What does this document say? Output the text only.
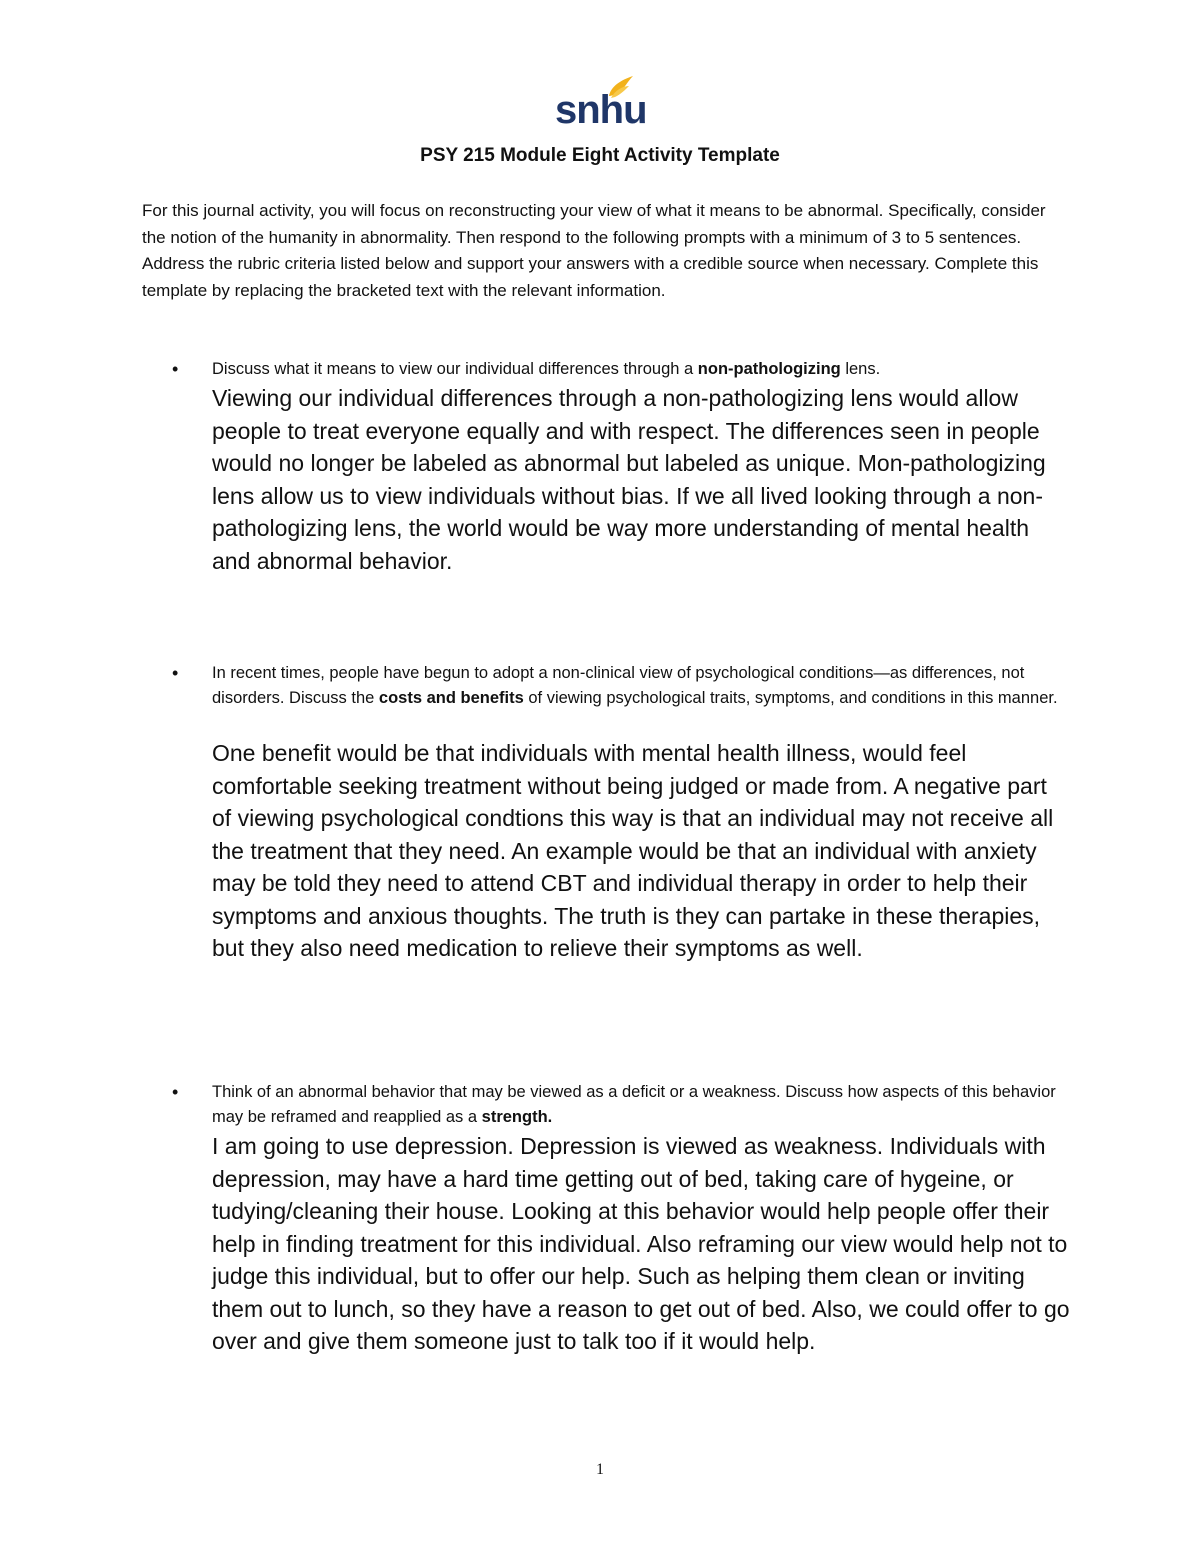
snhu
PSY 215 Module Eight Activity Template

For this journal activity, you will focus on reconstructing your view of what it means to be abnormal. Specifically, consider the notion of the humanity in abnormality. Then respond to the following prompts with a minimum of 3 to 5 sentences. Address the rubric criteria listed below and support your answers with a credible source when necessary. Complete this template by replacing the bracketed text with the relevant information.

• Discuss what it means to view our individual differences through a non-pathologizing lens.

Viewing our individual differences through a non-pathologizing lens would allow people to treat everyone equally and with respect. The differences seen in people would no longer be labeled as abnormal but labeled as unique. Mon-pathologizing lens allow us to view individuals without bias. If we all lived looking through a non-pathologizing lens, the world would be way more understanding of mental health and abnormal behavior.

• In recent times, people have begun to adopt a non-clinical view of psychological conditions—as differences, not disorders. Discuss the costs and benefits of viewing psychological traits, symptoms, and conditions in this manner.

One benefit would be that individuals with mental health illness, would feel comfortable seeking treatment without being judged or made from. A negative part of viewing psychological condtions this way is that an individual may not receive all the treatment that they need. An example would be that an individual with anxiety may be told they need to attend CBT and individual therapy in order to help their symptoms and anxious thoughts. The truth is they can partake in these therapies, but they also need medication to relieve their symptoms as well.

• Think of an abnormal behavior that may be viewed as a deficit or a weakness. Discuss how aspects of this behavior may be reframed and reapplied as a strength.

I am going to use depression. Depression is viewed as weakness. Individuals with depression, may have a hard time getting out of bed, taking care of hygeine, or tudying/cleaning their house. Looking at this behavior would help people offer their help in finding treatment for this individual. Also reframing our view would help not to judge this individual, but to offer our help. Such as helping them clean or inviting them out to lunch, so they have a reason to get out of bed. Also, we could offer to go over and give them someone just to talk too if it would help.

1
